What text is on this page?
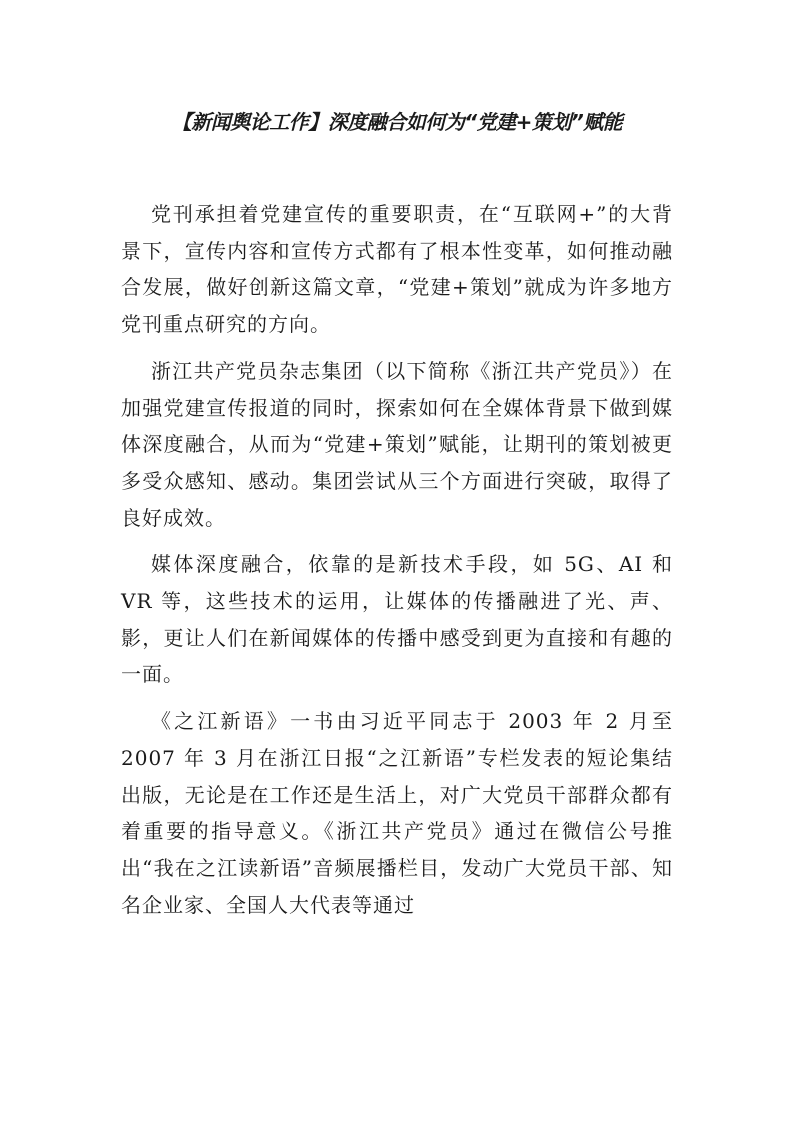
【新闻舆论工作】深度融合如何为“党建+策划”赋能

党刊承担着党建宣传的重要职责，在“互联网+”的大背景下，宣传内容和宣传方式都有了根本性变革，如何推动融合发展，做好创新这篇文章，“党建+策划”就成为许多地方党刊重点研究的方向。

浙江共产党员杂志集团（以下简称《浙江共产党员》）在加强党建宣传报道的同时，探索如何在全媒体背景下做到媒体深度融合，从而为“党建+策划”赋能，让期刊的策划被更多受众感知、感动。集团尝试从三个方面进行突破，取得了良好成效。

媒体深度融合，依靠的是新技术手段，如 5G、AI 和 VR 等，这些技术的运用，让媒体的传播融进了光、声、影，更让人们在新闻媒体的传播中感受到更为直接和有趣的一面。

《之江新语》一书由习近平同志于 2003 年 2 月至 2007 年 3 月在浙江日报“之江新语”专栏发表的短论集结出版，无论是在工作还是生活上，对广大党员干部群众都有着重要的指导意义。《浙江共产党员》通过在微信公号推出“我在之江读新语”音频展播栏目，发动广大党员干部、知名企业家、全国人大代表等通过
